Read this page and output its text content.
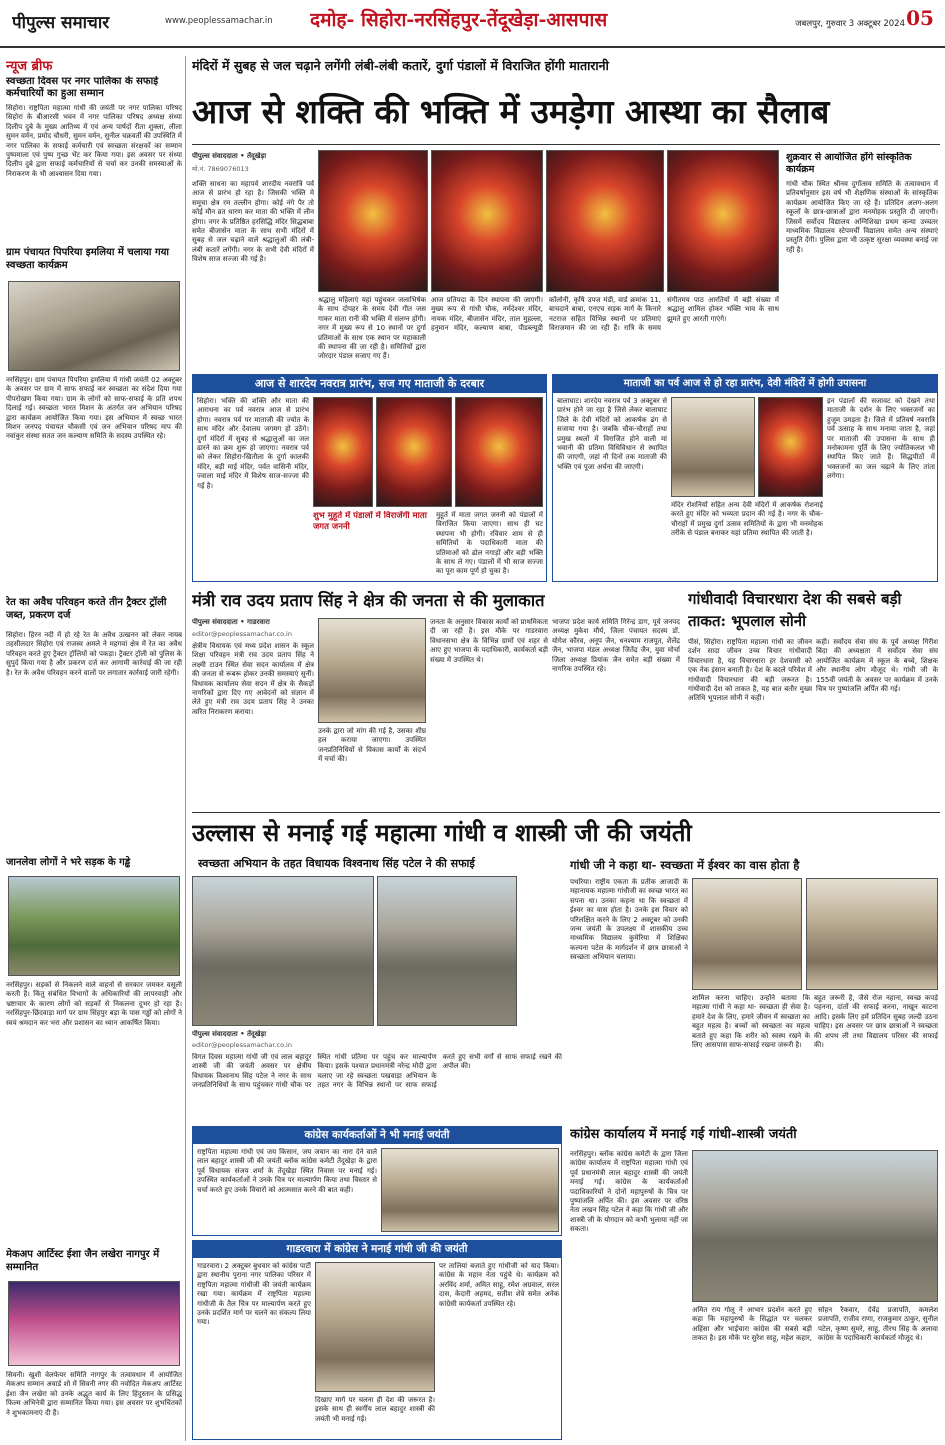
पीपुल्स समाचार	www.peoplessamachar.in	दमोह- सिहोरा-नरसिंहपुर-तेंदूखेड़ा-आसपास	जबलपुर, गुरुवार 3 अक्टूबर 2024 05
न्यूज ब्रीफ
स्वच्छता दिवस पर नगर पालिका के सफाई कर्मचारियों का हुआ सम्मान
सिहोरा। राष्ट्रपिता महात्मा गांधी की जयंती पर नगर पालिका परिषद सिहोरा के बीआरसी भवन में नगर पालिका परिषद अध्यक्ष संध्या दिलीप दुबे के मुख्य आतिथ्य में एवं अन्य पार्षदों रीता शुक्ला, लीला सुमन वर्मन, प्रमोद चौधरी, सुमन वर्मन, सुनील चक्रवर्ती की उपस्थिति में नगर पालिका के सफाई कर्मचारी एवं स्वच्छता संरक्षकों का सम्मान पुष्पमाला एवं पुष्प गुच्छ भेंट कर किया गया। इस अवसर पर संध्या दिलीप दुबे द्वारा सफाई कर्मचारियों से चर्चा कर उनकी समस्याओं के निराकरण के भी आश्वासन दिया गया।
ग्राम पंचायत पिपरिया इमलिया में चलाया गया स्वच्छता कार्यक्रम
नरसिंहपुर। ग्राम पंचायत पिपरिया इमलिया में गांधी जयंती 02 अक्टूबर के अवसर पर ग्राम में साफ सफाई कर स्वच्छता का संदेश दिया गया पीपरोखण किया गया। ग्राम के लोगों को साफ-सफाई के प्रति शपथ दिलाई गई। स्वच्छता भारत मिशन के अंतर्गत जन अभियान परिषद द्वारा कार्यक्रम आयोजित किया गया। इस अभियान में स्वच्छ भारत मिशन जनपद पंचायत चौकसी एवं जन अभियान परिषद माप की नवांकुर संस्था सतत जन कल्याण समिति के सदस्य उपस्थित रहे।
रेत का अवैध परिवहन करते तीन ट्रैक्टर ट्रॉली जब्त, प्रकरण दर्ज
सिहोरा। हिरन नदी में हो रहे रेत के अवैध उत्खनन को लेकर नायब तहसीलदार सिहोरा एवं राजस्व अमले ने महगवां क्षेत्र में रेत का अवैध परिवहन करते हुए ट्रैक्टर ट्रॉलियों को पकड़ा। ट्रैक्टर ट्रॉली को पुलिस के सुपुर्द किया गया है और प्रकरण दर्ज कर आगामी कार्रवाई की जा रही है। रेत के अवैध परिवहन करने वालों पर लगातार कार्रवाई जारी रहेगी।
जानलेवा लोगों ने भरे सड़क के गड्ढे
नरसिंहपुर। सड़कों से निकलने वाले वाहनों से सरकार जमकर वसूली करती है। किंतु संबंधित विभागों के अधिकारियों की लापरवाही और भ्रष्टाचार के कारण लोगों को सड़कों से निकलना दूभर हो रहा है। नरसिंहपुर-छिंदवाड़ा मार्ग पर ग्राम सिंहपुर बड़ा के पास गड्ढों को लोगों ने स्वयं श्रमदान कर भरा और प्रशासन का ध्यान आकर्षित किया।
मेकअप आर्टिस्ट ईशा जैन लखेरा नागपुर में सम्मानित
सिवनी। खुशी वेलफेयर समिति नागपुर के तत्वावधान में आयोजित मेकअप सम्मान अवार्ड शो में सिवनी नगर की नवोदित मेकअप आर्टिस्ट ईशा जैन लखेरा को उनके अद्भुत कार्य के लिए हिंदुस्तान के प्रसिद्ध फिल्म अभिनेत्री द्वारा सम्मानित किया गया। इस अवसर पर शुभचिंतकों ने शुभकामनाएं दी हैं।
मंदिरों में सुबह से जल चढ़ाने लगेंगी लंबी-लंबी कतारें, दुर्गा पंडालों में विराजित होंगी मातारानी
आज से शक्ति की भक्ति में उमड़ेगा आस्था का सैलाब
पीपुल्स संवाददाता • तेंदूखेड़ा
मो.नं. 7869076013
शक्ति साधना का महापर्व शारदीय नवरात्रि पर्व आज से प्रारंभ हो रहा है। जिसकी भक्ति मे समूचा क्षेत्र रम तल्लीन होगा। कोई नंगे पैर तो कोई मौन व्रत धारण कर माता की भक्ति में लीन होगा। नगर के प्रतिष्ठित हरसिद्धि मंदिर सिद्धबाबा समेत बीजासेन माता के साथ सभी मंदिरों में सुबह से जल चढ़ाने वाले श्रद्धालुओं की लंबी-लंबी कतारें लगेंगी। नगर के सभी देवी मंदिरों में विशेष साज सज्जा की गई है।
श्रद्धालु महिलाएं यहां पहुंचकर जलाभिषेक के साथ दोपहर के समय देवी गीत जस गाकर माता रानी की भक्ति में संलग्न होंगी। नगर में मुख्य रूप से 10 स्थानों पर दुर्गा प्रतिमाओं के साथ एक स्थान पर महाकाली की स्थापना की जा रही है। समितियों द्वारा जोरदार पंडाल सजाए गए हैं।
आज प्रतिपदा के दिन स्थापना की जाएगी। मुख्य रूप से गांधी चौक, नर्मदेश्वर मंदिर, नायक मंदिर, बीजासेन मंदिर, ताल मुहल्ला, हनुमान मंदिर, कल्याण बाबा, पीडब्ल्यूडी कॉलोनी, कृषि उपज मंडी, वार्ड क्रमांक 11, बाचदाने बाबा, एनएच सड़क मार्ग के किनारे नटराज सहित विभिन्न स्थानों पर प्रतिमाएं विराजमान की जा रही हैं। रात्रि के समय संगीतमय पाठ आरतियों में बड़ी संख्या में श्रद्धालु शामिल होकर भक्ति भाव के साथ झूमते हुए आरती गाएंगे।
शुक्रवार से आयोजित होंगे सांस्कृतिक कार्यक्रम
गांधी चौक स्थित श्रीनव दुर्गोत्सव समिति के तत्वावधान में प्रतिवर्षानुसार इस वर्ष भी शैक्षणिक संस्थाओं के सांस्कृतिक कार्यक्रम आयोजित किए जा रहे हैं। प्रतिदिन अलग-अलग स्कूलों के छात्र-छात्राओं द्वारा मनमोहक प्रस्तुति दी जाएगी। जिसमें सर्वोदय विद्यालय अग्निशिखा प्रथम कन्या उच्चतर माध्यमिक विद्यालय स्टेपमर्ची विद्यालय समेत अन्य संस्थाएं प्रस्तुति देंगी। पुलिस द्वारा भी उत्कृष्ट सुरक्षा व्यवस्था बनाई जा रही है।
आज से शारदेय नवरात्र प्रारंभ, सज गए माताजी के दरबार
सिहोरा। भक्ति की शक्ति और माता की आराधना का पर्व नवरात्र आज से प्रारंभ होगा। नवरात्र पर्व पर माताजी की ज्योत के साथ मंदिर और देवालय जगमग हो उठेंगे। दुर्गा मंदिरों में सुबह से श्रद्धालुओं का जल ढारने का क्रम शुरू हो जाएगा। नवरात्र पर्व को लेकर सिहोरा-खितौला के दुर्गा कालकी मंदिर, बड़ी माई मंदिर, पर्वत वासिनी मंदिर, ज्वाला माई मंदिर में विशेष साज-सज्जा की गई है।
शुभ मुहूर्त में पंडालों में विराजेंगी माता जगत जननी
मुहूर्त में माता जगत जननी को पंडालों में विराजित किया जाएगा। साथ ही घट स्थापना भी होगी। रविवार शाम से ही समितियों के पदाधिकारी माता की प्रतिमाओं को ढोल नगाड़ों और बड़ी भक्ति के साथ ले गए। पंडालों में भी साज सज्जा का पूरा काम पूर्ण हो चुका है।
माताजी का पर्व आज से हो रहा प्रारंभ, देवी मंदिरों में होगी उपासना
बालाघाट। शारदेय नवरात्र पर्व 3 अक्टूबर से प्रारंभ होने जा रहा है जिसे लेकर बालाघाट जिले के देवी मंदिरों को आकर्षक ढंग से सजाया गया है। जबकि चौक-चौराहों तथा प्रमुख स्थलों में विराजित होने वाली मां भवानी की प्रतिमा विधिविधान से स्थापित की जाएगी, जहां नौ दिनों तक माताजी की भक्ति एवं पूजा अर्चना की जाएगी।
मंदिर रोशनियों सहित अन्य देवी मंदिरों में आकर्षक रोशनाई करते हुए मंदिर को भव्यता प्रदान की गई है। नगर के चौक-चौराहों में प्रमुख दुर्गा उत्सव समितियों के द्वारा भी मनमोहक तरीके से पंडाल बनाकर यहां प्रतिमा स्थापित की जाती है।
इन पंडालों की सजावट को देखने तथा माताजी के दर्शन के लिए भक्तजनों का हुजूम उमड़ता है। जिले में प्रतिवर्ष नवरात्रि पर्व उत्साह के साथ मनाया जाता है, जहां पर माताजी की उपासना के साथ ही मनोकामना पूर्ति के लिए ज्योतिकलश भी स्थापित किए जाते हैं। सिद्धपीठों में भक्तजनों का जल चढ़ाने के लिए तांता लगेगा।
मंत्री राव उदय प्रताप सिंह ने क्षेत्र की जनता से की मुलाकात
पीपुल्स संवाददाता • गाडरवारा
editor@peoplessamachar.co.in
क्षेत्रीय विधायक एवं मध्य प्रदेश शासन के स्कूल शिक्षा परिवहन मंत्री राव उदय प्रताप सिंह ने लक्ष्मी टाउन स्थित सेवा सदन कार्यालय में क्षेत्र की जनता से रूबरू होकर उनकी समस्याएं सुनीं। विधायक कार्यालय सेवा सदन में क्षेत्र के सैकड़ों नागरिकों द्वारा दिए गए आवेदनों को संज्ञान में लेते हुए मंत्री राव उदय प्रताप सिंह ने उनका त्वरित निराकरण कराया।
उनके द्वारा जो मांग की गई है, उसका शीघ्र हल कराया जाएगा। उपस्थित जनप्रतिनिधियों से विकास कार्यों के संदर्भ में चर्चा की।
जनता के अनुसार विकास कार्यों को प्राथमिकता दी जा रही है। इस मौके पर गाडरवारा विधानसभा क्षेत्र के विभिन्न ग्रामों एवं शहर से आए हुए भाजपा के पदाधिकारी, कार्यकर्ता बड़ी संख्या में उपस्थित थे।
भाजपा प्रदेश कार्य समिति गिरेन्द्र डाग, पूर्व जनपद अध्यक्ष मुकेश मौर्य, जिला पंचायत सदस्य डॉ. योगेश कौरव, अनूप जैन, धनश्याम राजपूत, शैलेंद्र जैन, भाजपा मंडल अध्यक्ष जितेंद्र जैन, युवा मोर्चा जिला अध्यक्ष प्रियांक जैन समेत बड़ी संख्या में नागरिक उपस्थित रहे।
गांधीवादी विचारधारा देश की सबसे बड़ी ताकत: भूपलाल सोनी
पीसं, सिहोरा। राष्ट्रपिता महात्मा गांधी का जीवन दर्शन सादा जीवन उच्च विचार गांधीवादी विचारधारा है, यह विचारधारा हर देशवासी को एक नेक इंसान बनाती है। देश के बदले परिवेश में गांधीवादी विचारधारा की बड़ी जरूरत है। गांधीवादी देश को ताकत है, यह बात बतौर मुख्य अतिथि भूपलाल सोनी ने कही।
कही। सर्वोदय सेवा संघ के पूर्व अध्यक्ष गिरीश बिंदा की अध्यक्षता में सर्वोदय सेवा संघ आयोजित कार्यक्रम में स्कूल के बच्चे, शिक्षक और स्थानीय लोग मौजूद थे। गांधी जी के 155वीं जयंती के अवसर पर कार्यक्रम में उनके चित्र पर पुष्पांजलि अर्पित की गई।
उल्लास से मनाई गई महात्मा गांधी व शास्त्री जी की जयंती
स्वच्छता अभियान के तहत विधायक विश्वनाथ सिंह पटेल ने की सफाई
पीपुल्स संवाददाता • तेंदूखेड़ा
editor@peoplessamachar.co.in
विगत दिवस महात्मा गांधी जी एवं लाल बहादुर शास्त्री जी की जयंती अवसर पर क्षेत्रीय विधायक विश्वनाथ सिंह पटेल ने नगर के साथ जनप्रतिनिधियों के साथ पहुंचकर गांधी चौक पर स्थित गांधी प्रतिमा पर पहुंच कर माल्यार्पण किया। इसके पश्चात प्रधानमंत्री नरेन्द्र मोदी द्वारा चलाए जा रहे स्वच्छता पखवाड़ा अभियान के तहत नगर के विभिन्न स्थानों पर साफ सफाई करते हुए सभी वर्गों से साफ सफाई रखने की अपील की।
गांधी जी ने कहा था- स्वच्छता में ईश्वर का वास होता है
पथरिया। राष्ट्रीय एकता के प्रतीक आजादी के महानायक महात्मा गांधीजी का स्वच्छ भारत का सपना था। उनका कहना था कि स्वच्छता में ईश्वर का वास होता है। उनके इस विचार को परिलक्षित करने के लिए 2 अक्टूबर को उनकी जन्म जयंती के उपलक्ष्य में शासकीय उच्च माध्यमिक विद्यालय कुमेरिया में शिक्षिका कल्पना पटेल के मार्गदर्शन में छात्र छात्राओं ने स्वच्छता अभियान चलाया।
शामिल करना चाहिए। उन्होंने बताया कि महात्मा गांधी ने कहा था- स्वच्छता ही सेवा है। हमारे देश के लिए, हमारे जीवन में स्वच्छता का बहुत महत्व है। बच्चों को स्वच्छता का महत्व बताते हुए कहा कि शरीर को स्वस्थ रखने के लिए आसपास साफ-सफाई रखना जरूरी है।
बहुत जरूरी है, जैसे रोज नहाना, स्वच्छ कपड़े पहनना, दांतों की सफाई करना, नाखून काटना आदि। इसके लिए हमें प्रतिदिन सुबह जल्दी उठना चाहिए। इस अवसर पर छात्र छात्राओं ने स्वच्छता की शपथ ली तथा विद्यालय परिसर की सफाई की।
कांग्रेस कार्यकर्ताओं ने भी मनाई जयंती
राष्ट्रपिता महात्मा गांधी एवं जय किसान, जय जवान का नारा देने वाले लाल बहादुर शास्त्री जी की जयंती ब्लॉक कांग्रेस कमेटी तेंदूखेड़ा के द्वारा पूर्व विधायक संजय शर्मा के तेंदूखेड़ा स्थित निवास पर मनाई गई। उपस्थित कार्यकर्ताओं ने उनके चित्र पर माल्यार्पण किया तथा विस्तार से चर्चा करते हुए उनके विचारों को आत्मसात करने की बात कही।
गाडरवारा में कांग्रेस ने मनाई गांधी जी की जयंती
गाडरवारा। 2 अक्टूबर बुधवार को कांग्रेस पार्टी द्वारा स्थानीय पुराना नगर पालिका परिसर में राष्ट्रपिता महात्मा गांधीजी की जयंती कार्यक्रम रखा गया। कार्यक्रम में राष्ट्रपिता महात्मा गांधीजी के तैल चित्र पर माल्यार्पण करते हुए उनके प्रदर्शित मार्ग पर चलने का संकल्प लिया गया।
दिखाए मार्ग पर चलना ही देश की जरूरत है। इसके साथ ही स्वर्गीय लाल बहादुर शास्त्री की जयंती भी मनाई गई।
पर तालियां बजाते हुए गांधीजी को याद किया। कांग्रेस के महान नेता पहुंचे थे। कार्यक्रम को अरविंद शर्मा, अमित साहू, रमेश अग्रवाल, सरल दास, केदारी अहमद, सतीश शेवे समेत अनेक कांग्रेसी कार्यकर्ता उपस्थित रहे।
कांग्रेस कार्यालय में मनाई गई गांधी-शास्त्री जयंती
नरसिंहपुर। ब्लॉक कांग्रेस कमेटी के द्वारा जिला कांग्रेस कार्यालय में राष्ट्रपिता महात्मा गांधी एवं पूर्व प्रधानमंत्री लाल बहादुर शास्त्री की जयंती मनाई गई। कांग्रेस के कार्यकर्ताओं पदाधिकारियों ने दोनों महापुरुषों के चित्र पर पुष्पांजलि अर्पित की। इस अवसर पर वरिष्ठ नेता लखन सिंह पटेल ने कहा कि गांधी जी और शास्त्री जी के योगदान को कभी भुलाया नहीं जा सकता।
अमित राय गोलू ने आभार प्रदर्शन करते हुए कहा कि महापुरुषों के सिद्धांत पर चलकर अहिंसा और भाईचारा कांग्रेस की सबसे बड़ी ताकत है। इस मौके पर सुरेश साहू, महेश कहार, सोहन रैकवार, देवेंद्र प्रजापति, कमलेश प्रजापति, राजीव राणा, राजकुमार ठाकुर, सुनील पटेल, कृष्ण सुमरे, साहू, तीरथ सिंह के अलावा कांग्रेस के पदाधिकारी कार्यकर्ता मौजूद थे।
